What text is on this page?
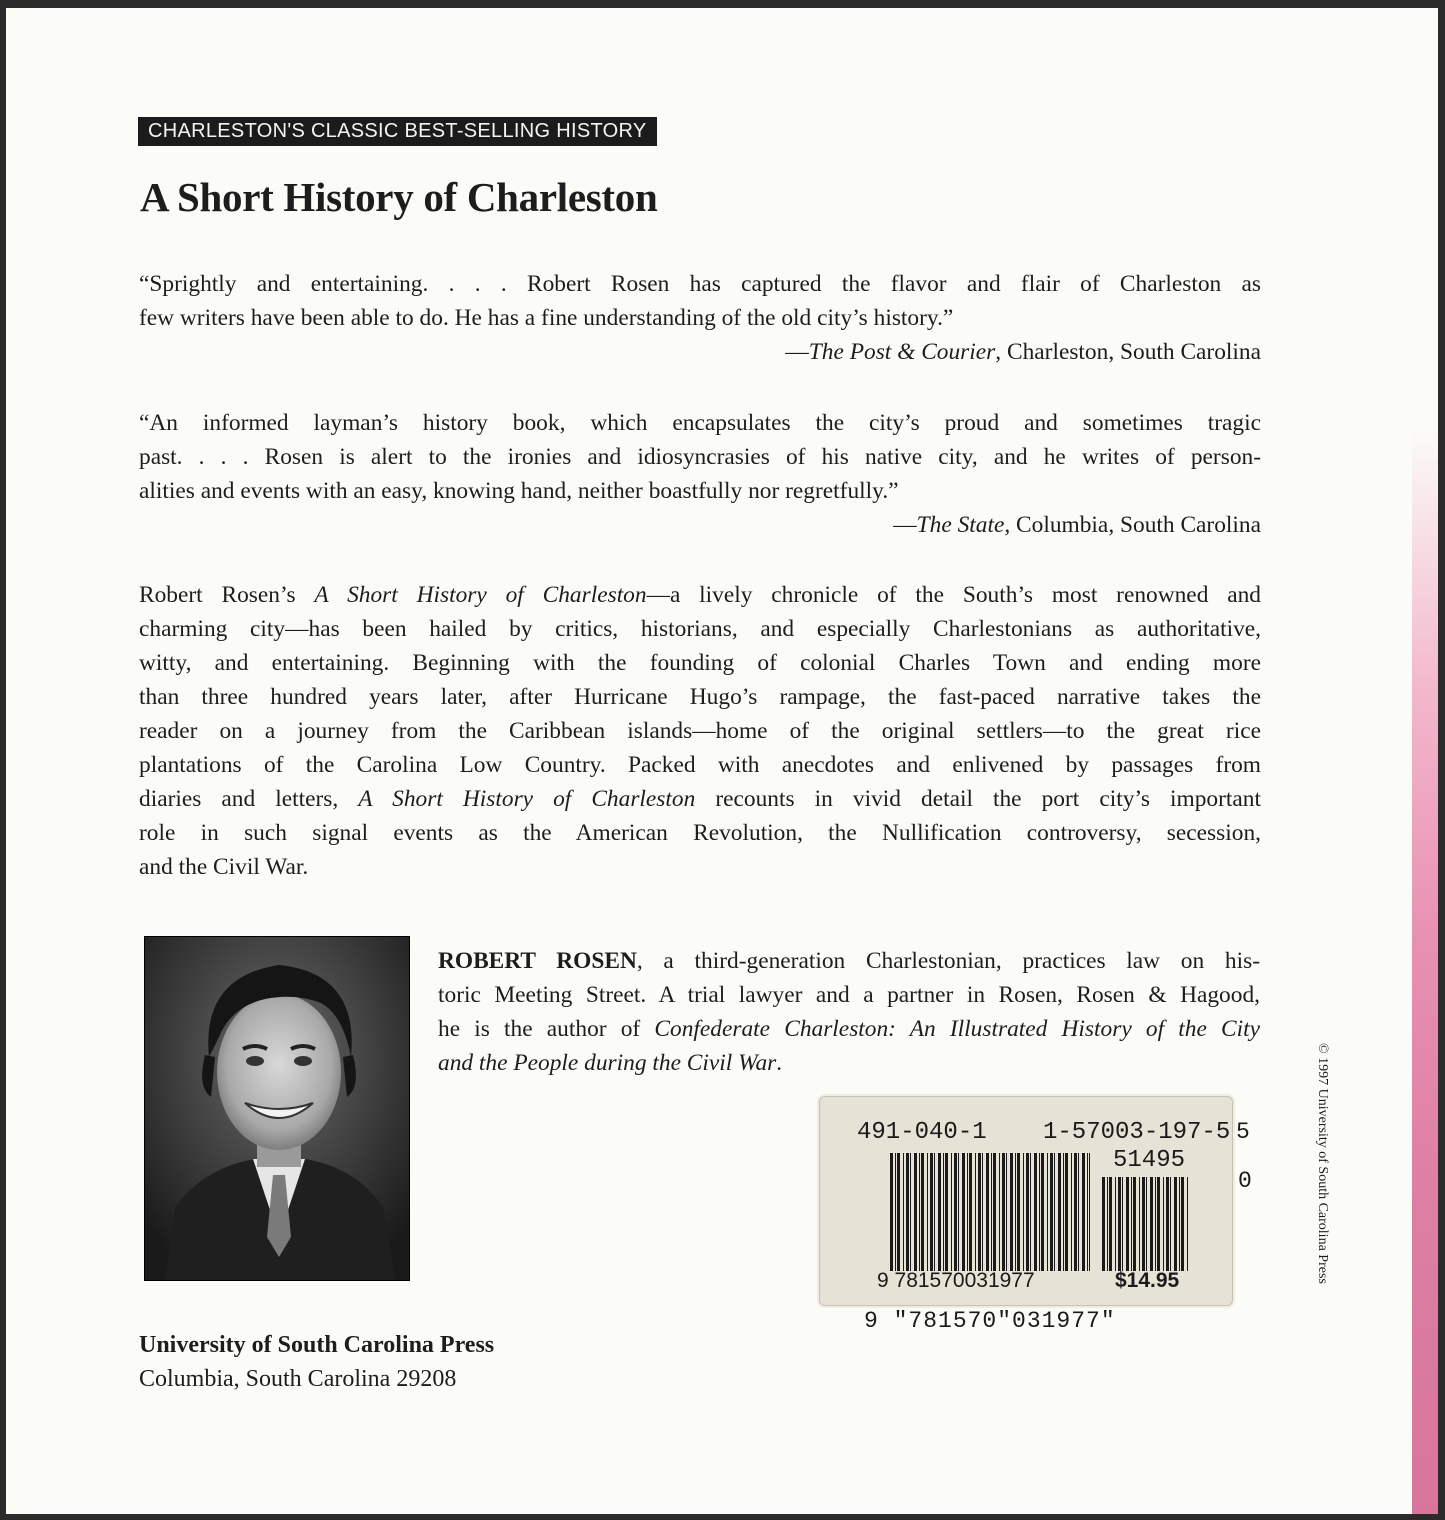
CHARLESTON'S CLASSIC BEST-SELLING HISTORY
A Short History of Charleston
“Sprightly and entertaining. . . . Robert Rosen has captured the flavor and flair of Charleston as
few writers have been able to do. He has a fine understanding of the old city’s history.”
—The Post & Courier, Charleston, South Carolina
“An informed layman’s history book, which encapsulates the city’s proud and sometimes tragic
past. . . . Rosen is alert to the ironies and idiosyncrasies of his native city, and he writes of person-
alities and events with an easy, knowing hand, neither boastfully nor regretfully.”
—The State, Columbia, South Carolina
Robert Rosen’s A Short History of Charleston—a lively chronicle of the South’s most renowned and
charming city—has been hailed by critics, historians, and especially Charlestonians as authoritative,
witty, and entertaining. Beginning with the founding of colonial Charles Town and ending more
than three hundred years later, after Hurricane Hugo’s rampage, the fast-paced narrative takes the
reader on a journey from the Caribbean islands—home of the original settlers—to the great rice
plantations of the Carolina Low Country. Packed with anecdotes and enlivened by passages from
diaries and letters, A Short History of Charleston recounts in vivid detail the port city’s important
role in such signal events as the American Revolution, the Nullification controversy, secession,
and the Civil War.
ROBERT ROSEN, a third-generation Charlestonian, practices law on his-
toric Meeting Street. A trial lawyer and a partner in Rosen, Rosen & Hagood,
he is the author of Confederate Charleston: An Illustrated History of the City
and the People during the Civil War.	© 1997 University of South Carolina Press
5
0
9 "781570"031977"
491-040-1 1-57003-197-5
51495
9 781570031977	$14.95
University of South Carolina Press
Columbia, South Carolina 29208
